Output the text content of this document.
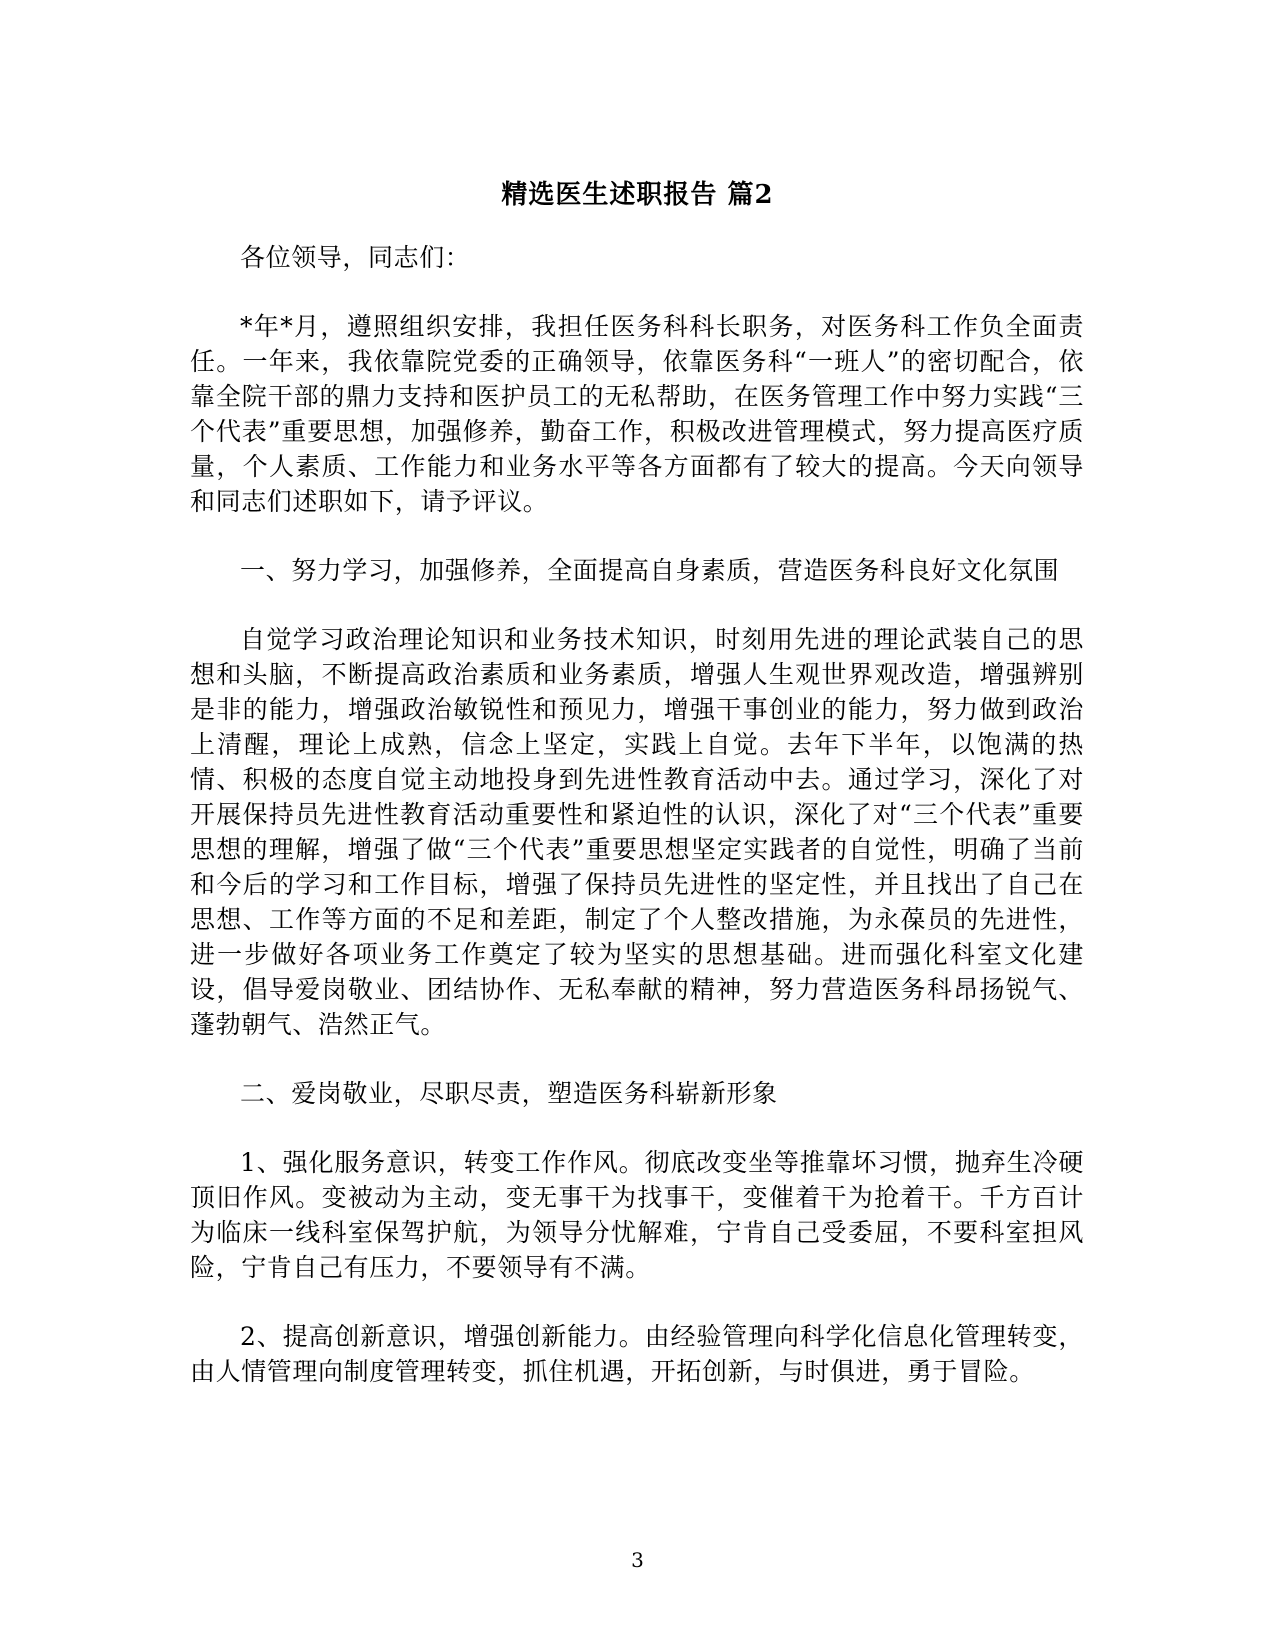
精选医生述职报告 篇2

各位领导，同志们：

*年*月，遵照组织安排，我担任医务科科长职务，对医务科工作负全面责任。一年来，我依靠院党委的正确领导，依靠医务科“一班人”的密切配合，依靠全院干部的鼎力支持和医护员工的无私帮助，在医务管理工作中努力实践“三个代表”重要思想，加强修养，勤奋工作，积极改进管理模式，努力提高医疗质量，个人素质、工作能力和业务水平等各方面都有了较大的提高。今天向领导和同志们述职如下，请予评议。

一、努力学习，加强修养，全面提高自身素质，营造医务科良好文化氛围

自觉学习政治理论知识和业务技术知识，时刻用先进的理论武装自己的思想和头脑，不断提高政治素质和业务素质，增强人生观世界观改造，增强辨别是非的能力，增强政治敏锐性和预见力，增强干事创业的能力，努力做到政治上清醒，理论上成熟，信念上坚定，实践上自觉。去年下半年，以饱满的热情、积极的态度自觉主动地投身到先进性教育活动中去。通过学习，深化了对开展保持员先进性教育活动重要性和紧迫性的认识，深化了对“三个代表”重要思想的理解，增强了做“三个代表”重要思想坚定实践者的自觉性，明确了当前和今后的学习和工作目标，增强了保持员先进性的坚定性，并且找出了自己在思想、工作等方面的不足和差距，制定了个人整改措施，为永葆员的先进性，进一步做好各项业务工作奠定了较为坚实的思想基础。进而强化科室文化建设，倡导爱岗敬业、团结协作、无私奉献的精神，努力营造医务科昂扬锐气、蓬勃朝气、浩然正气。

二、爱岗敬业，尽职尽责，塑造医务科崭新形象

1、强化服务意识，转变工作作风。彻底改变坐等推靠坏习惯，抛弃生冷硬顶旧作风。变被动为主动，变无事干为找事干，变催着干为抢着干。千方百计为临床一线科室保驾护航，为领导分忧解难，宁肯自己受委屈，不要科室担风险，宁肯自己有压力，不要领导有不满。

2、提高创新意识，增强创新能力。由经验管理向科学化信息化管理转变，由人情管理向制度管理转变，抓住机遇，开拓创新，与时俱进，勇于冒险。

3
